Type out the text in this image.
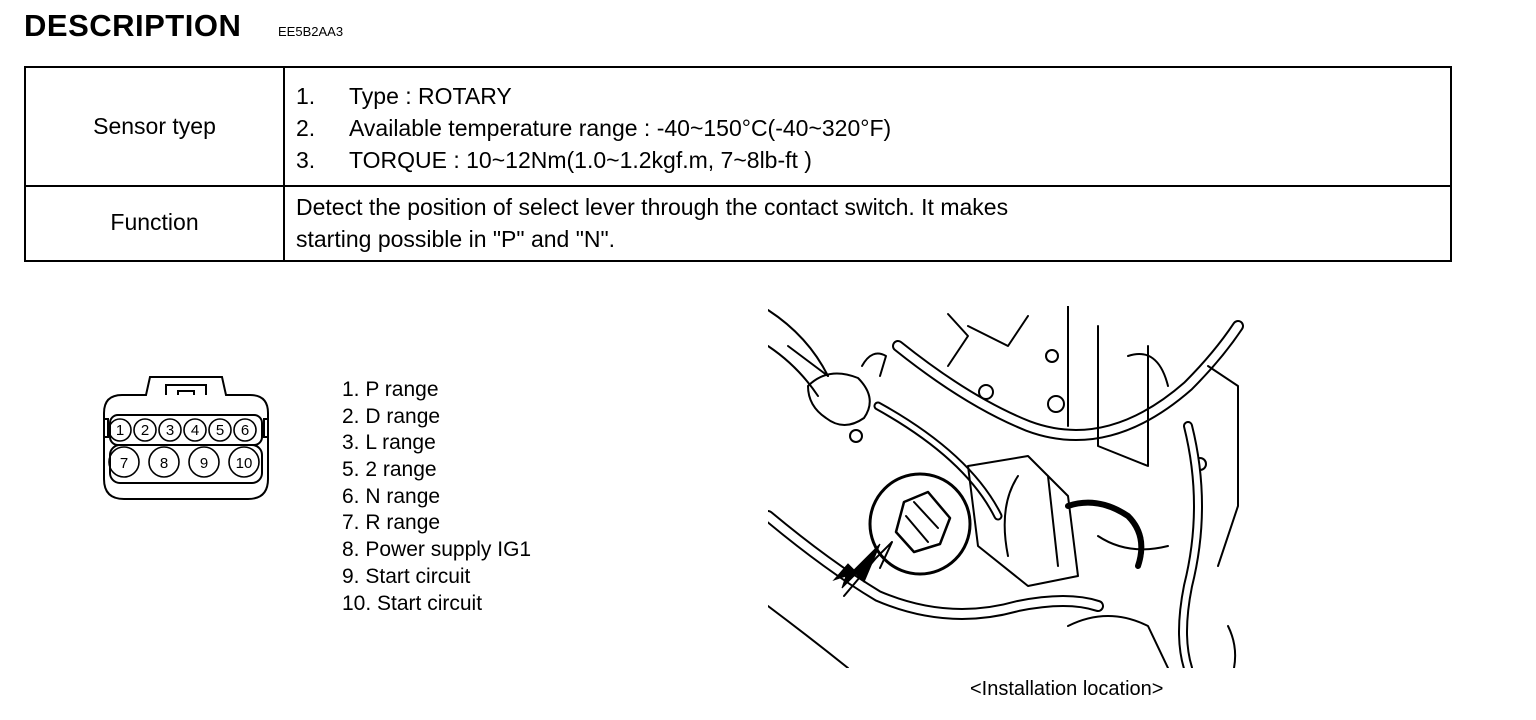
DESCRIPTION	EE5B2AA3
Sensor tyep
1. Type : ROTARY
2. Available temperature range : -40~150°C(-40~320°F)
3. TORQUE : 10~12Nm(1.0~1.2kgf.m, 7~8lb-ft )
Function
Detect the position of select lever through the contact switch. It makes
starting possible in "P" and "N".
1 2 3 4 5 6
7 8 9 10
1. P range
2. D range
3. L range
5. 2 range
6. N range
7. R range
8. Power supply IG1
9. Start circuit
10. Start circuit
<Installation location>
